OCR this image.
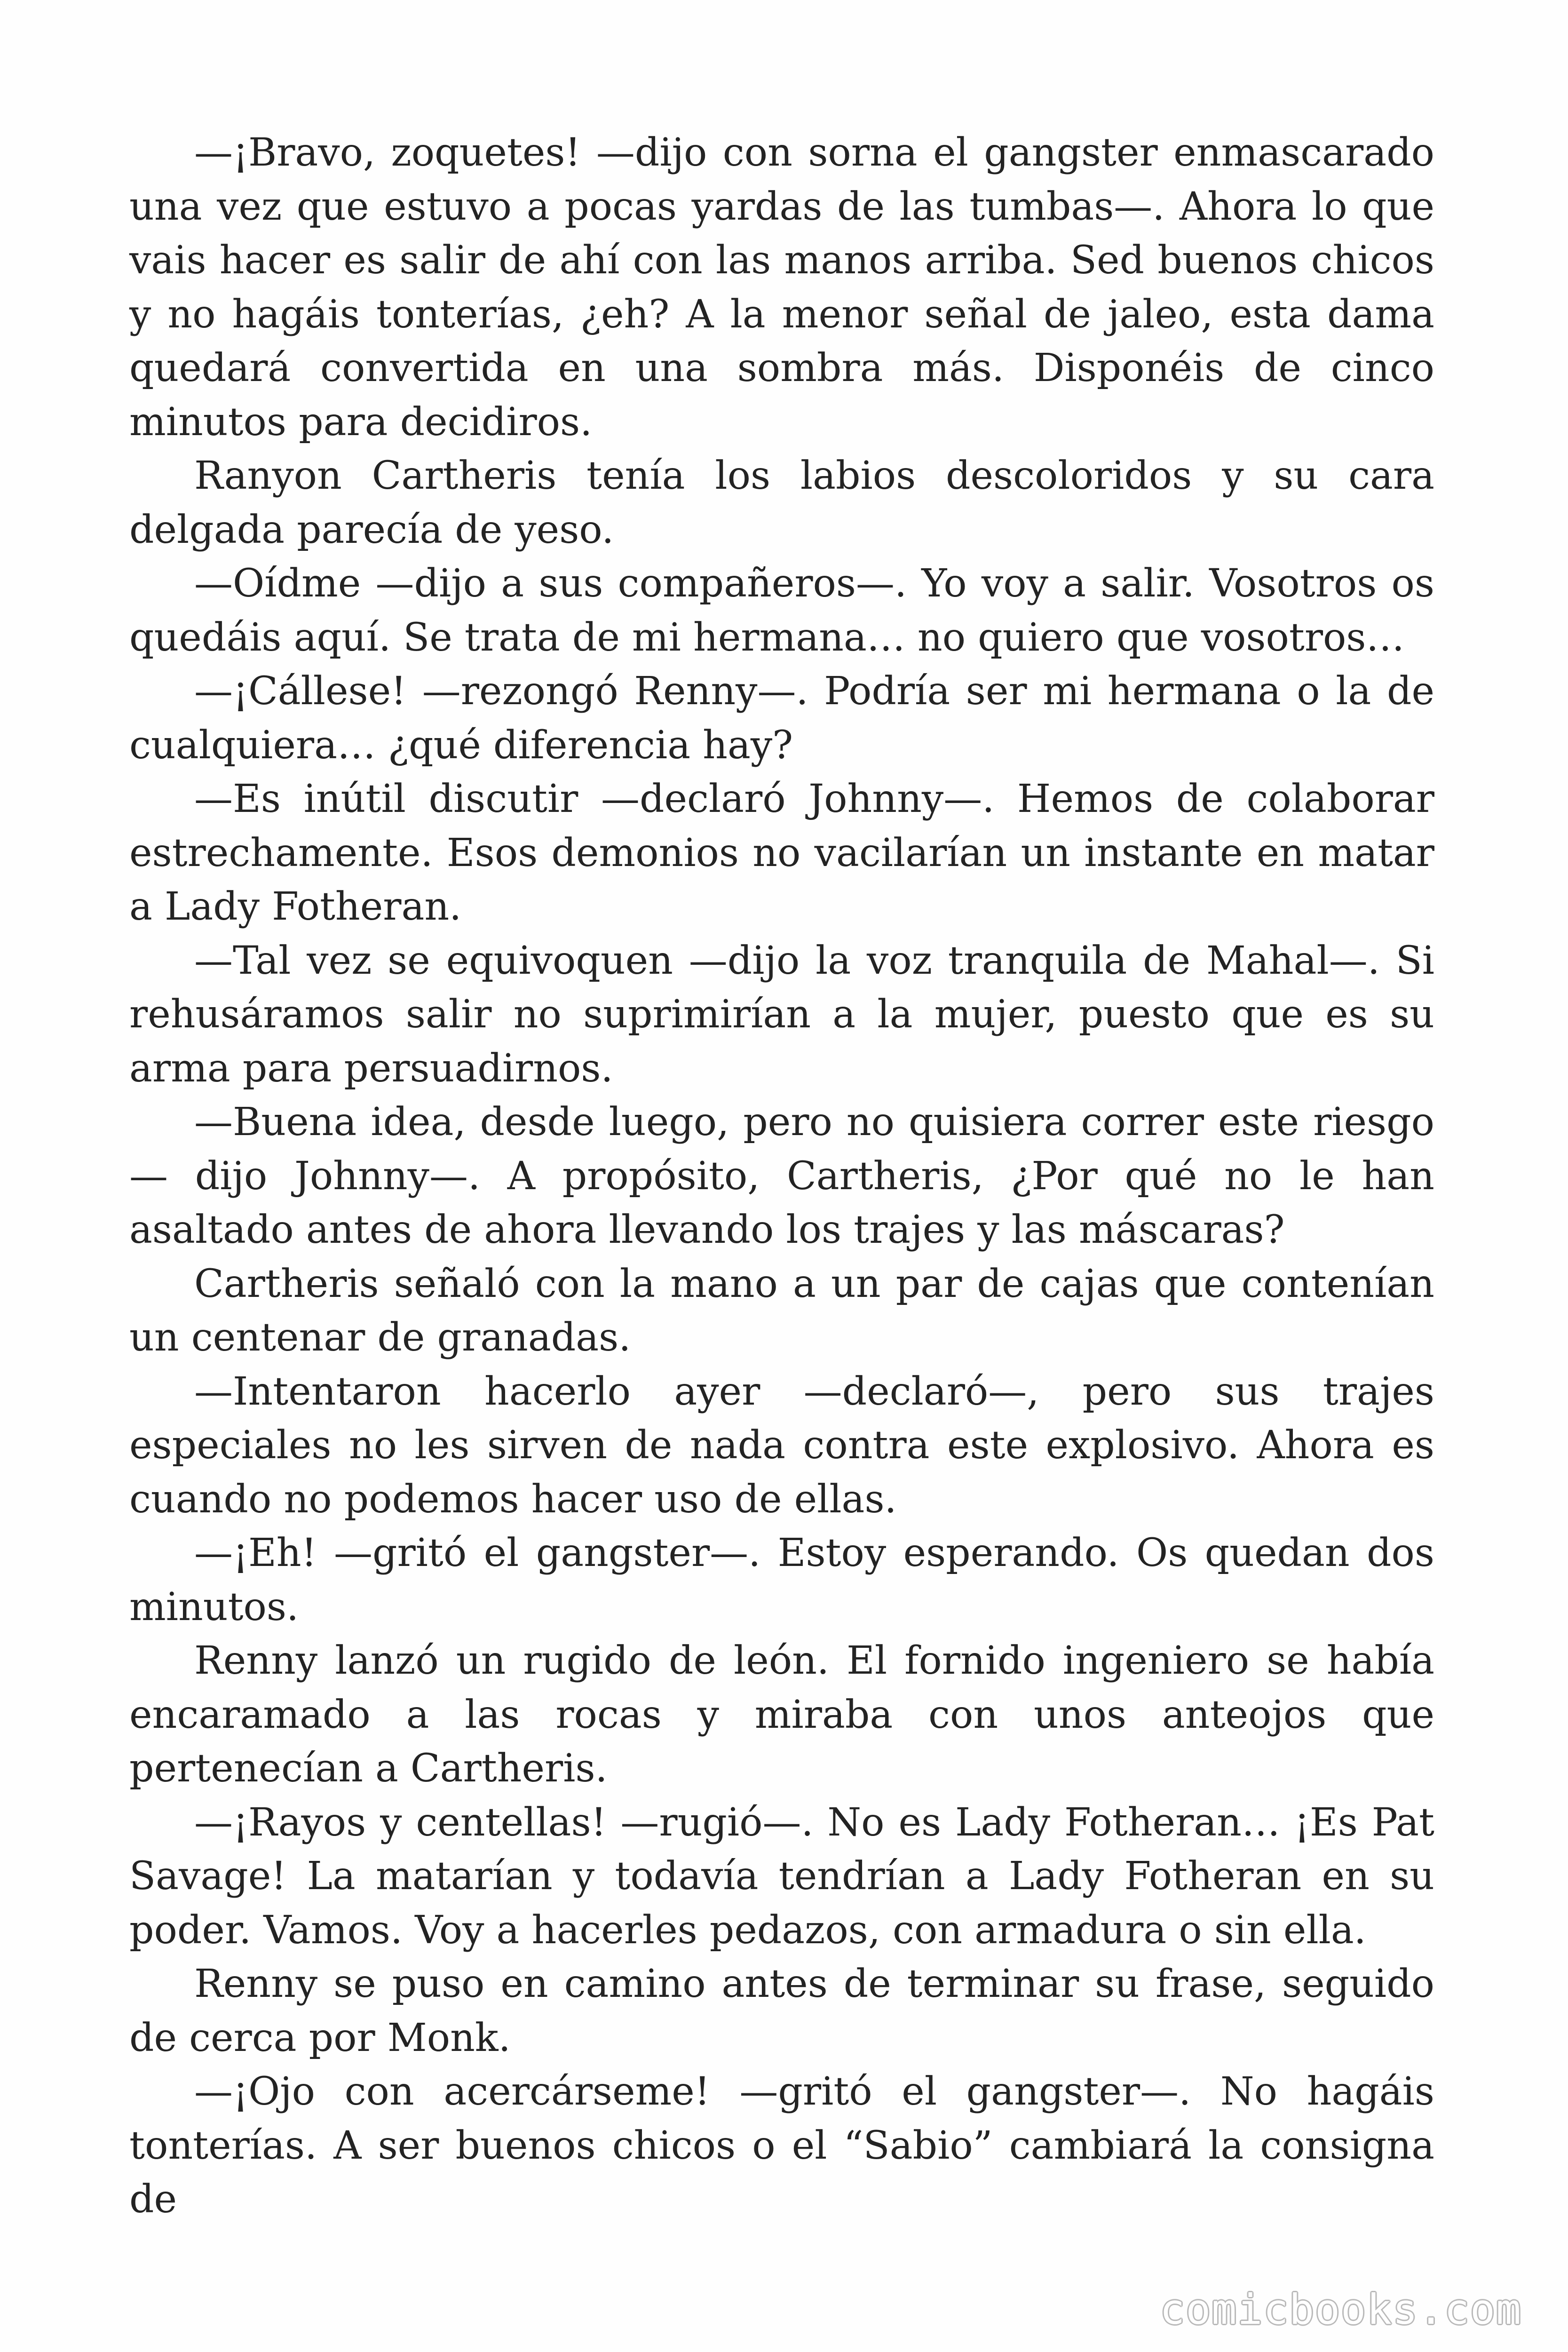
—¡Bravo, zoquetes! —dijo con sorna el gangster enmascarado una vez que estuvo a pocas yardas de las tumbas—. Ahora lo que vais hacer es salir de ahí con las manos arriba. Sed buenos chicos y no hagáis tonterías, ¿eh? A la menor señal de jaleo, esta dama quedará convertida en una sombra más. Disponéis de cinco minutos para decidiros.

Ranyon Cartheris tenía los labios descoloridos y su cara delgada parecía de yeso.

—Oídme —dijo a sus compañeros—. Yo voy a salir. Vosotros os quedáis aquí. Se trata de mi hermana… no quiero que vosotros…

—¡Cállese! —rezongó Renny—. Podría ser mi hermana o la de cualquiera… ¿qué diferencia hay?

—Es inútil discutir —declaró Johnny—. Hemos de colaborar estrechamente. Esos demonios no vacilarían un instante en matar a Lady Fotheran.

—Tal vez se equivoquen —dijo la voz tranquila de Mahal—. Si rehusáramos salir no suprimirían a la mujer, puesto que es su arma para persuadirnos.

—Buena idea, desde luego, pero no quisiera correr este riesgo — dijo Johnny—. A propósito, Cartheris, ¿Por qué no le han asaltado antes de ahora llevando los trajes y las máscaras?

Cartheris señaló con la mano a un par de cajas que contenían un centenar de granadas.

—Intentaron hacerlo ayer —declaró—, pero sus trajes especiales no les sirven de nada contra este explosivo. Ahora es cuando no podemos hacer uso de ellas.

—¡Eh! —gritó el gangster—. Estoy esperando. Os quedan dos minutos.

Renny lanzó un rugido de león. El fornido ingeniero se había encaramado a las rocas y miraba con unos anteojos que pertenecían a Cartheris.

—¡Rayos y centellas! —rugió—. No es Lady Fotheran… ¡Es Pat Savage! La matarían y todavía tendrían a Lady Fotheran en su poder. Vamos. Voy a hacerles pedazos, con armadura o sin ella.

Renny se puso en camino antes de terminar su frase, seguido de cerca por Monk.

—¡Ojo con acercárseme! —gritó el gangster—. No hagáis tonterías. A ser buenos chicos o el “Sabio” cambiará la consigna de

comicbooks.com
